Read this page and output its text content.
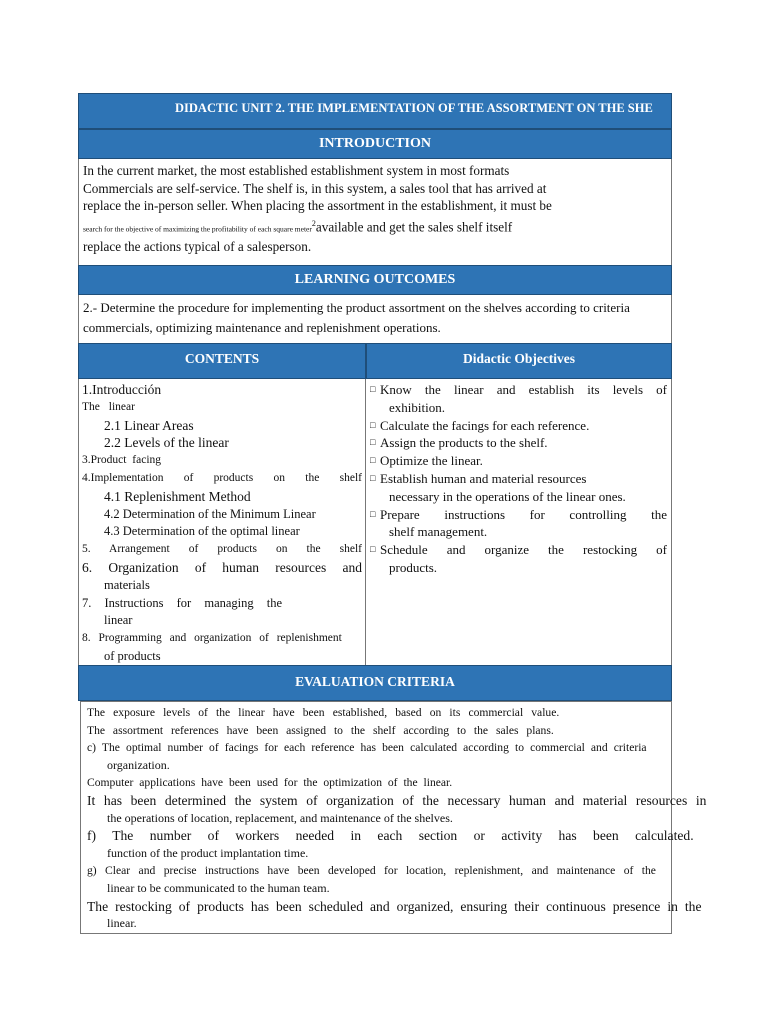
DIDACTIC UNIT 2. THE IMPLEMENTATION OF THE ASSORTMENT ON THE SHE
INTRODUCTION
In the current market, the most established establishment system in most formats
Commercials are self-service. The shelf is, in this system, a sales tool that has arrived at
replace the in-person seller. When placing the assortment in the establishment, it must be
search for the objective of maximizing the profitability of each square meter$^2$available and get the sales shelf itself
replace the actions typical of a salesperson.
LEARNING OUTCOMES
2.- Determine the procedure for implementing the product assortment on the shelves according to criteria
commercials, optimizing maintenance and replenishment operations.
CONTENTS	Didactic Objectives
1.Introducción
The linear
2.1 Linear Areas
2.2 Levels of the linear
3.Product facing
4.Implementation of products on the shelf
4.1 Replenishment Method
4.2 Determination of the Minimum Linear
4.3 Determination of the optimal linear
5. Arrangement of products on the shelf
6. Organization of human resources and
materials
7. Instructions for managing the
linear
8. Programming and organization of replenishment
of products
□ Know the linear and establish its levels of
exhibition.
□ Calculate the facings for each reference.
□ Assign the products to the shelf.
□ Optimize the linear.
□ Establish human and material resources
necessary in the operations of the linear ones.
□ Prepare instructions for controlling the
shelf management.
□ Schedule and organize the restocking of
products.
EVALUATION CRITERIA
The exposure levels of the linear have been established, based on its commercial value.
The assortment references have been assigned to the shelf according to the sales plans.
c) The optimal number of facings for each reference has been calculated according to commercial and criteria
organization.
Computer applications have been used for the optimization of the linear.
It has been determined the system of organization of the necessary human and material resources in
the operations of location, replacement, and maintenance of the shelves.
f) The number of workers needed in each section or activity has been calculated.
function of the product implantation time.
g) Clear and precise instructions have been developed for location, replenishment, and maintenance of the
linear to be communicated to the human team.
The restocking of products has been scheduled and organized, ensuring their continuous presence in the
linear.
